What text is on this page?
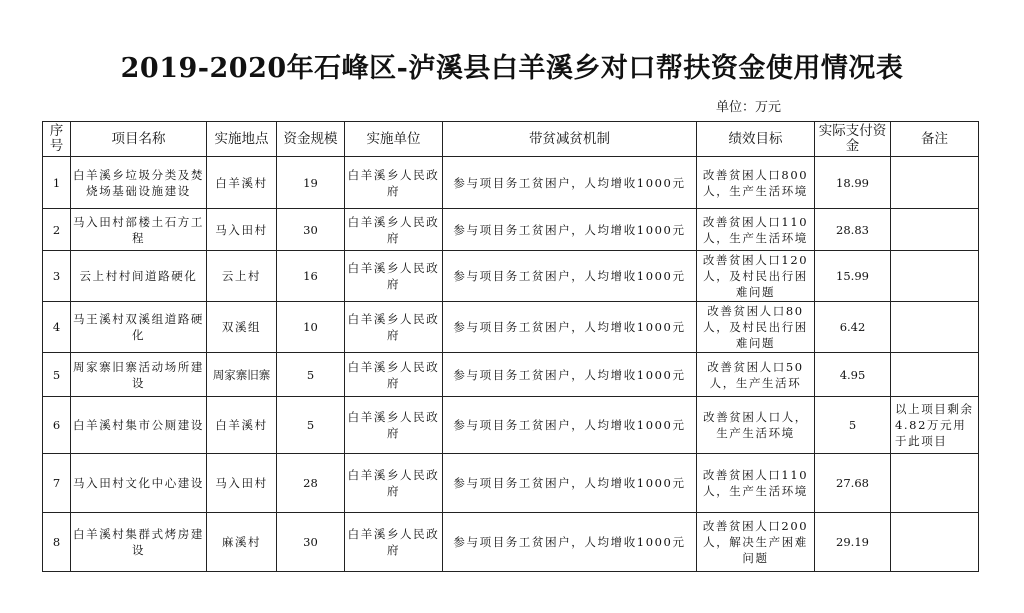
2019-2020年石峰区-泸溪县白羊溪乡对口帮扶资金使用情况表
单位：万元
序号	项目名称	实施地点	资金规模	实施单位	带贫减贫机制	绩效目标	实际支付资金	备注
1	白羊溪乡垃圾分类及焚烧场基础设施建设	白羊溪村	19	白羊溪乡人民政府	参与项目务工贫困户，人均增收1000元	改善贫困人口800人，生产生活环境	18.99	
2	马入田村部楼土石方工程	马入田村	30	白羊溪乡人民政府	参与项目务工贫困户，人均增收1000元	改善贫困人口110人，生产生活环境	28.83	
3	云上村村间道路硬化	云上村	16	白羊溪乡人民政府	参与项目务工贫困户，人均增收1000元	改善贫困人口120人，及村民出行困难问题	15.99	
4	马王溪村双溪组道路硬化	双溪组	10	白羊溪乡人民政府	参与项目务工贫困户，人均增收1000元	改善贫困人口80人，及村民出行困难问题	6.42	
5	周家寨旧寨活动场所建设	周家寨旧寨	5	白羊溪乡人民政府	参与项目务工贫困户，人均增收1000元	改善贫困人口50人，生产生活环	4.95	
6	白羊溪村集市公厕建设	白羊溪村	5	白羊溪乡人民政府	参与项目务工贫困户，人均增收1000元	改善贫困人口人，生产生活环境	5	以上项目剩余4.82万元用于此项目
7	马入田村文化中心建设	马入田村	28	白羊溪乡人民政府	参与项目务工贫困户，人均增收1000元	改善贫困人口110人，生产生活环境	27.68	
8	白羊溪村集群式烤房建设	麻溪村	30	白羊溪乡人民政府	参与项目务工贫困户，人均增收1000元	改善贫困人口200人，解决生产困难问题	29.19	
